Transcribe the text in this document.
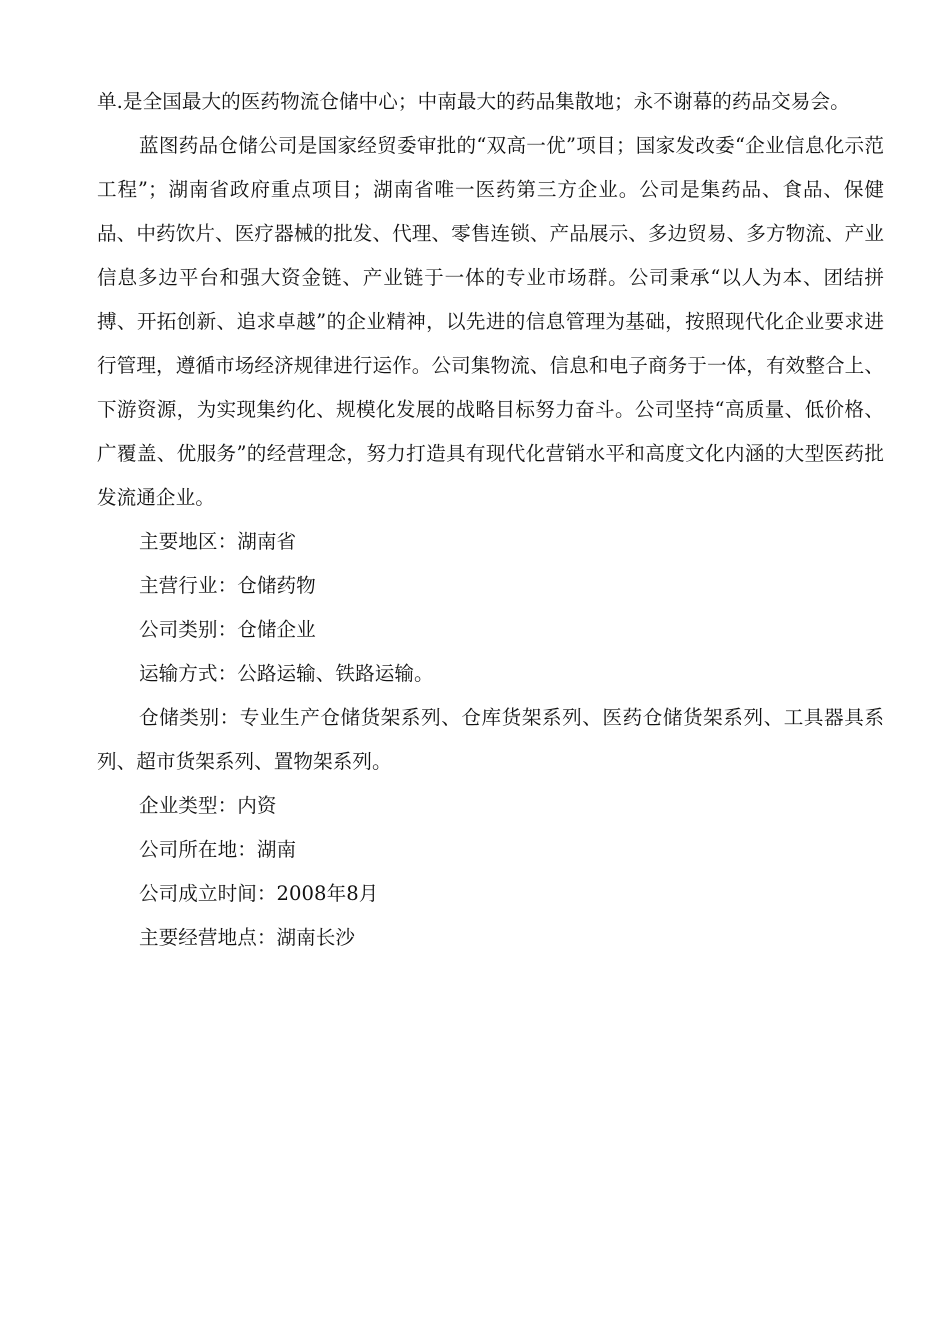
单.是全国最大的医药物流仓储中心；中南最大的药品集散地；永不谢幕的药品交易会。

蓝图药品仓储公司是国家经贸委审批的“双高一优”项目；国家发改委“企业信息化示范工程”；湖南省政府重点项目；湖南省唯一医药第三方企业。公司是集药品、食品、保健品、中药饮片、医疗器械的批发、代理、零售连锁、产品展示、多边贸易、多方物流、产业信息多边平台和强大资金链、产业链于一体的专业市场群。公司秉承“以人为本、团结拼搏、开拓创新、追求卓越”的企业精神，以先进的信息管理为基础，按照现代化企业要求进行管理，遵循市场经济规律进行运作。公司集物流、信息和电子商务于一体，有效整合上、下游资源，为实现集约化、规模化发展的战略目标努力奋斗。公司坚持“高质量、低价格、广覆盖、优服务”的经营理念，努力打造具有现代化营销水平和高度文化内涵的大型医药批发流通企业。

主要地区：湖南省

主营行业：仓储药物

公司类别：仓储企业

运输方式：公路运输、铁路运输。

仓储类别：专业生产仓储货架系列、仓库货架系列、医药仓储货架系列、工具器具系列、超市货架系列、置物架系列。

企业类型：内资

公司所在地：湖南

公司成立时间：2008年8月

主要经营地点：湖南长沙
